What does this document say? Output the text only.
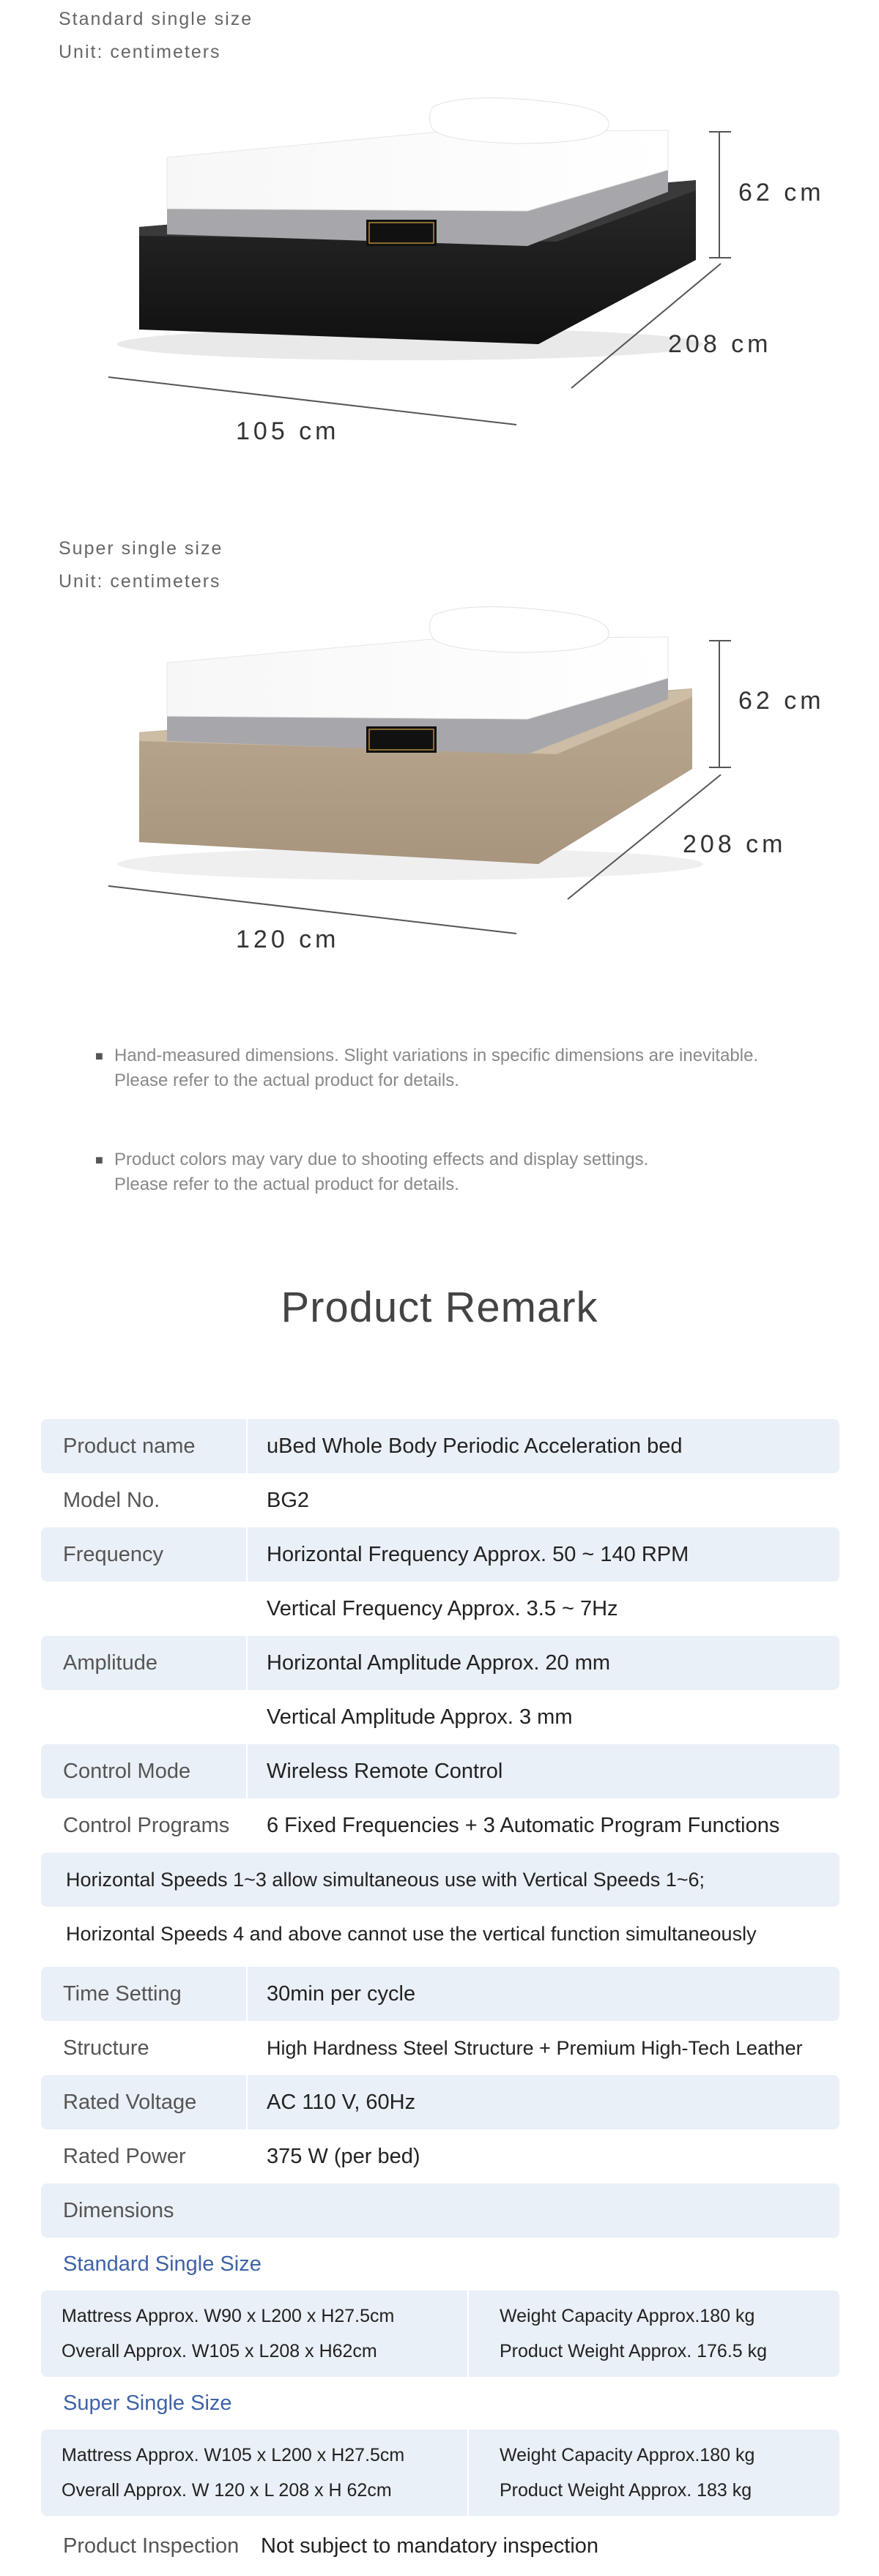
Standard single size
Unit: centimeters
62 cm
208 cm
105 cm
Super single size
Unit: centimeters
62 cm
208 cm
120 cm
■ Hand-measured dimensions. Slight variations in specific dimensions are inevitable.
Please refer to the actual product for details.
■ Product colors may vary due to shooting effects and display settings.
Please refer to the actual product for details.
Product Remark
Product name	uBed Whole Body Periodic Acceleration bed
Model No.	BG2
Frequency	Horizontal Frequency Approx. 50 ~ 140 RPM
Vertical Frequency Approx. 3.5 ~ 7Hz
Amplitude	Horizontal Amplitude Approx. 20 mm
Vertical Amplitude Approx. 3 mm
Control Mode	Wireless Remote Control
Control Programs	6 Fixed Frequencies + 3 Automatic Program Functions
Horizontal Speeds 1~3 allow simultaneous use with Vertical Speeds 1~6;
Horizontal Speeds 4 and above cannot use the vertical function simultaneously
Time Setting	30min per cycle
Structure	High Hardness Steel Structure + Premium High-Tech Leather
Rated Voltage	AC 110 V, 60Hz
Rated Power	375 W (per bed)
Dimensions
Standard Single Size
Mattress Approx. W90 x L200 x H27.5cm
Overall Approx. W105 x L208 x H62cm
Weight Capacity Approx.180 kg
Product Weight Approx. 176.5 kg
Super Single Size
Mattress Approx. W105 x L200 x H27.5cm
Overall Approx. W 120 x L 208 x H 62cm
Weight Capacity Approx.180 kg
Product Weight Approx. 183 kg
Product Inspection	Not subject to mandatory inspection
